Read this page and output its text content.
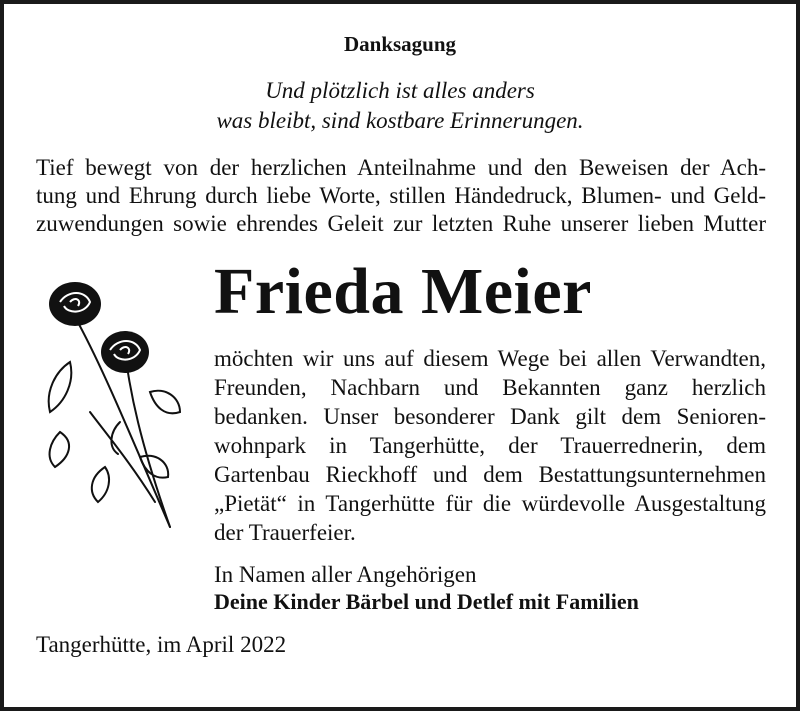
Danksagung
Und plötzlich ist alles anders
was bleibt, sind kostbare Erinnerungen.
Tief bewegt von der herzlichen Anteilnahme und den Beweisen der Ach-
tung und Ehrung durch liebe Worte, stillen Händedruck, Blumen- und Geld-
zuwendungen sowie ehrendes Geleit zur letzten Ruhe unserer lieben Mutter
Frieda Meier
möchten wir uns auf diesem Wege bei allen Verwandten,
Freunden, Nachbarn und Bekannten ganz herzlich
bedanken. Unser besonderer Dank gilt dem Senioren-
wohnpark in Tangerhütte, der Trauerrednerin, dem
Gartenbau Rieckhoff und dem Bestattungsunternehmen
„Pietät“ in Tangerhütte für die würdevolle Ausgestaltung
der Trauerfeier.
In Namen aller Angehörigen
Deine Kinder Bärbel und Detlef mit Familien
Tangerhütte, im April 2022
